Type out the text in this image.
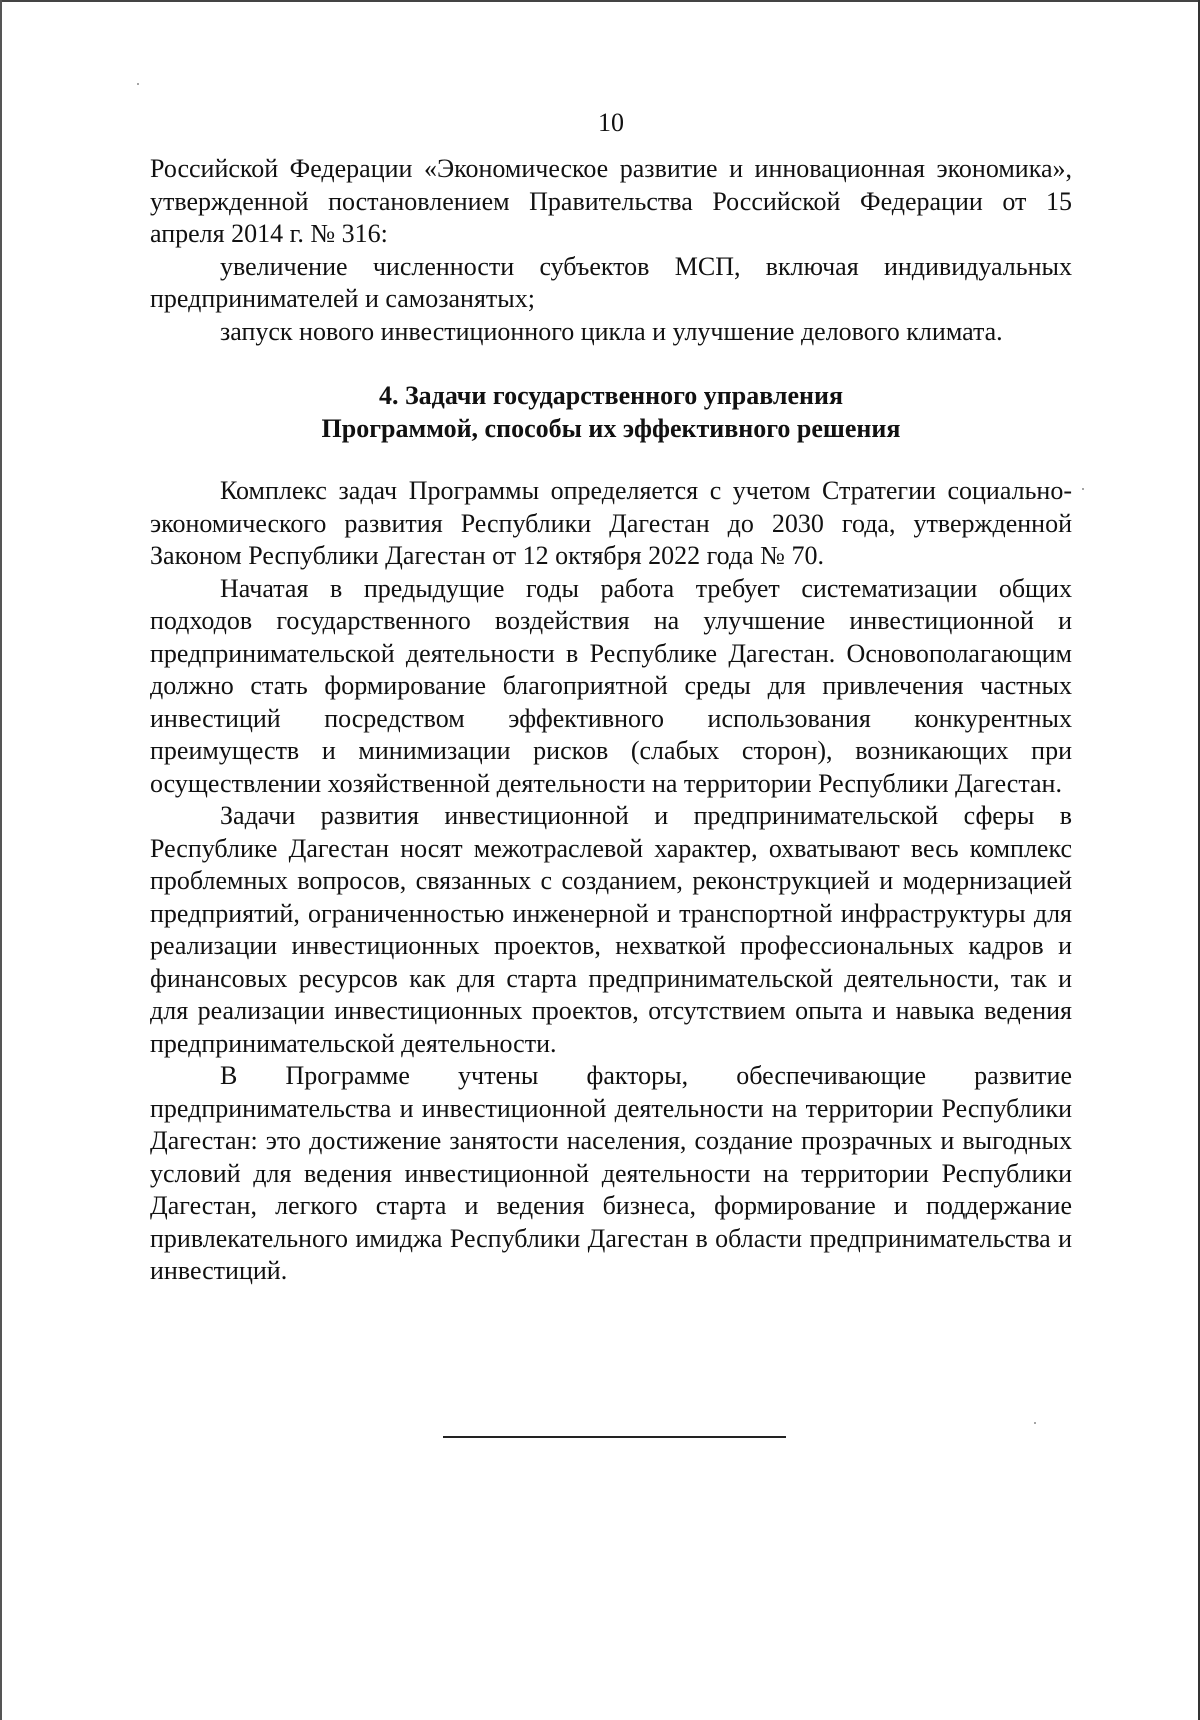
10

Российской Федерации «Экономическое развитие и инновационная экономика», утвержденной постановлением Правительства Российской Федерации от 15 апреля 2014 г. № 316:

увеличение численности субъектов МСП, включая индивидуальных предпринимателей и самозанятых;

запуск нового инвестиционного цикла и улучшение делового климата.

4. Задачи государственного управления
Программой, способы их эффективного решения

Комплекс задач Программы определяется с учетом Стратегии социально-экономического развития Республики Дагестан до 2030 года, утвержденной Законом Республики Дагестан от 12 октября 2022 года № 70.

Начатая в предыдущие годы работа требует систематизации общих подходов государственного воздействия на улучшение инвестиционной и предпринимательской деятельности в Республике Дагестан. Основополагающим должно стать формирование благоприятной среды для привлечения частных инвестиций посредством эффективного использования конкурентных преимуществ и минимизации рисков (слабых сторон), возникающих при осуществлении хозяйственной деятельности на территории Республики Дагестан.

Задачи развития инвестиционной и предпринимательской сферы в Республике Дагестан носят межотраслевой характер, охватывают весь комплекс проблемных вопросов, связанных с созданием, реконструкцией и модернизацией предприятий, ограниченностью инженерной и транспортной инфраструктуры для реализации инвестиционных проектов, нехваткой профессиональных кадров и финансовых ресурсов как для старта предпринимательской деятельности, так и для реализации инвестиционных проектов, отсутствием опыта и навыка ведения предпринимательской деятельности.

В Программе учтены факторы, обеспечивающие развитие предпринимательства и инвестиционной деятельности на территории Республики Дагестан: это достижение занятости населения, создание прозрачных и выгодных условий для ведения инвестиционной деятельности на территории Республики Дагестан, легкого старта и ведения бизнеса, формирование и поддержание привлекательного имиджа Республики Дагестан в области предпринимательства и инвестиций.
